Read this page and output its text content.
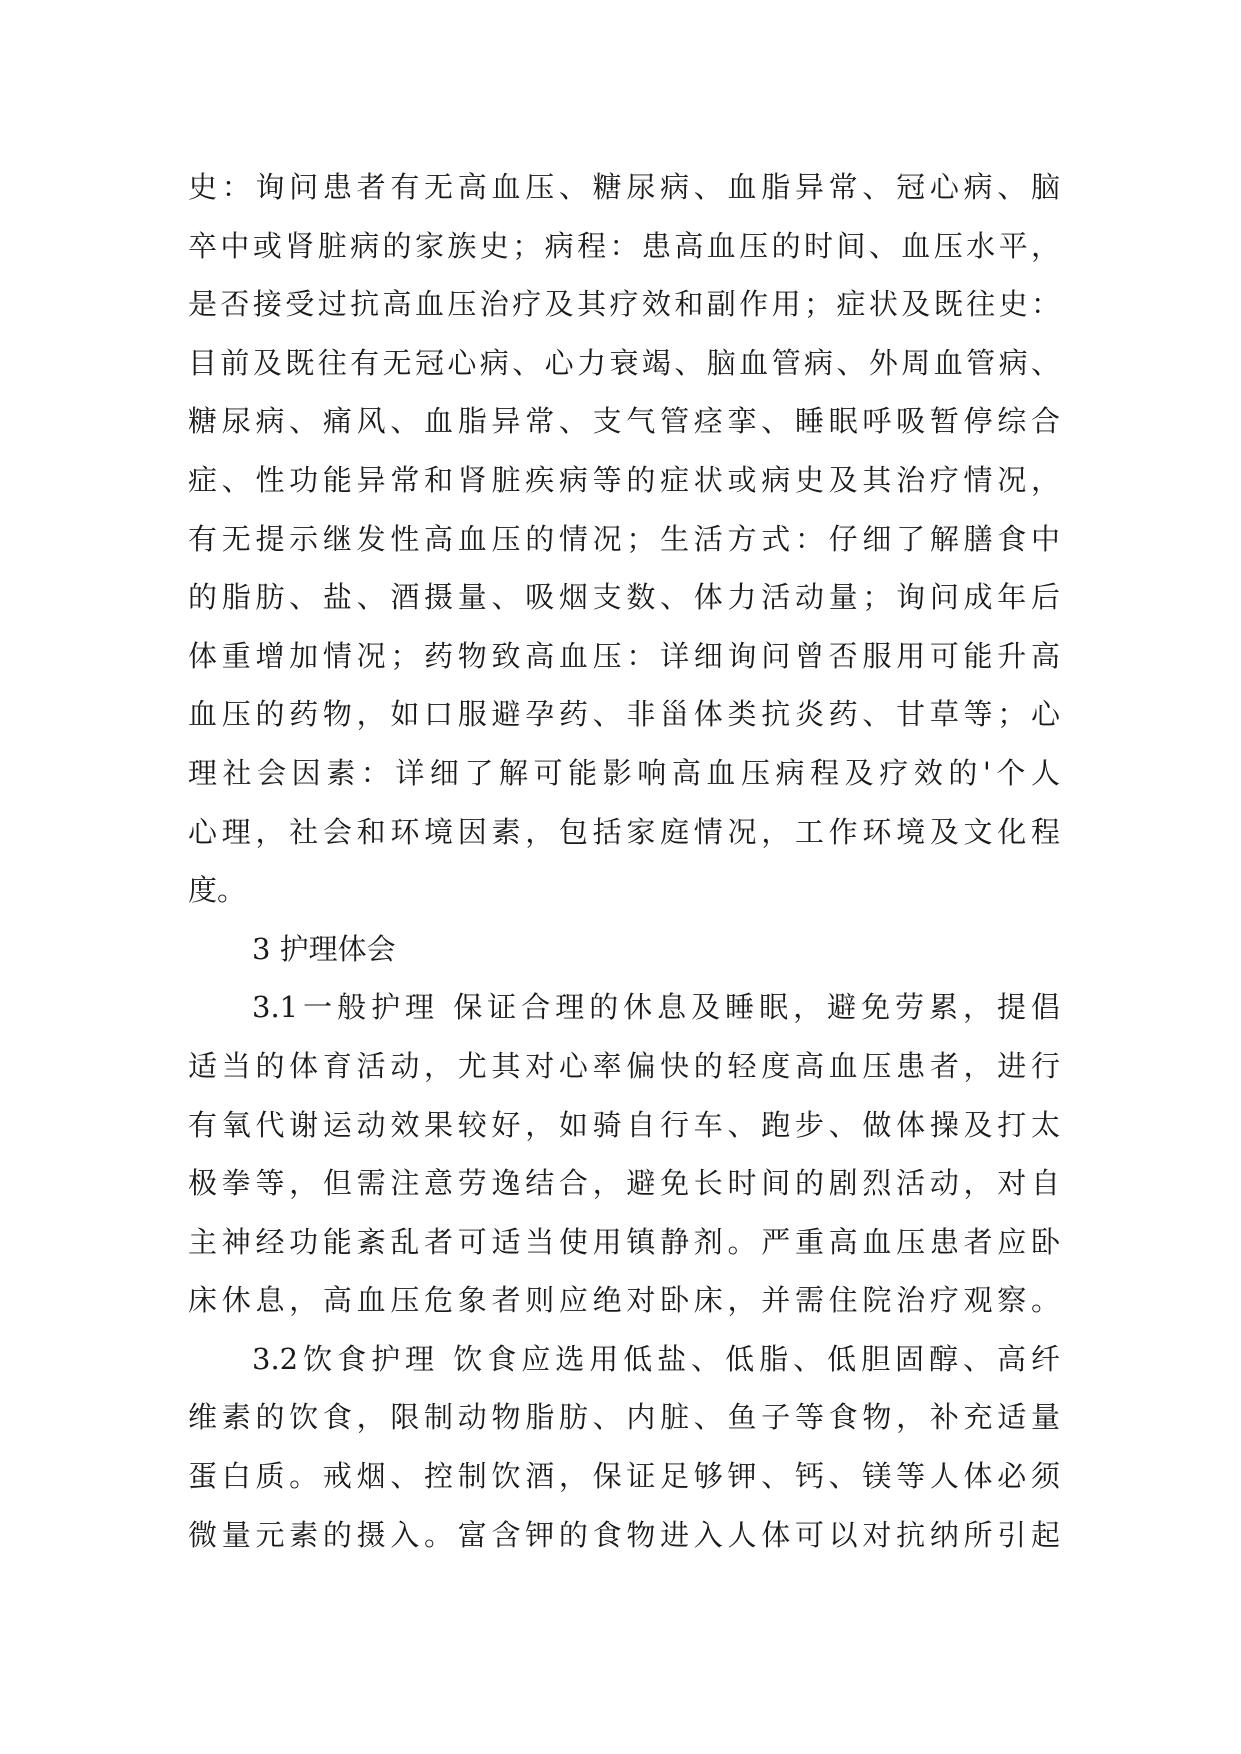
史：询问患者有无高血压、糖尿病、血脂异常、冠心病、脑
卒中或肾脏病的家族史；病程：患高血压的时间、血压水平，
是否接受过抗高血压治疗及其疗效和副作用；症状及既往史：
目前及既往有无冠心病、心力衰竭、脑血管病、外周血管病、
糖尿病、痛风、血脂异常、支气管痉挛、睡眠呼吸暂停综合
症、性功能异常和肾脏疾病等的症状或病史及其治疗情况，
有无提示继发性高血压的情况；生活方式：仔细了解膳食中
的脂肪、盐、酒摄量、吸烟支数、体力活动量；询问成年后
体重增加情况；药物致高血压：详细询问曾否服用可能升高
血压的药物，如口服避孕药、非甾体类抗炎药、甘草等；心
理社会因素：详细了解可能影响高血压病程及疗效的'个人
心理，社会和环境因素，包括家庭情况，工作环境及文化程
度。
3 护理体会
3.1一般护理 保证合理的休息及睡眠，避免劳累，提倡
适当的体育活动，尤其对心率偏快的轻度高血压患者，进行
有氧代谢运动效果较好，如骑自行车、跑步、做体操及打太
极拳等，但需注意劳逸结合，避免长时间的剧烈活动，对自
主神经功能紊乱者可适当使用镇静剂。严重高血压患者应卧
床休息，高血压危象者则应绝对卧床，并需住院治疗观察。
3.2饮食护理 饮食应选用低盐、低脂、低胆固醇、高纤
维素的饮食，限制动物脂肪、内脏、鱼子等食物，补充适量
蛋白质。戒烟、控制饮酒，保证足够钾、钙、镁等人体必须
微量元素的摄入。富含钾的食物进入人体可以对抗纳所引起
